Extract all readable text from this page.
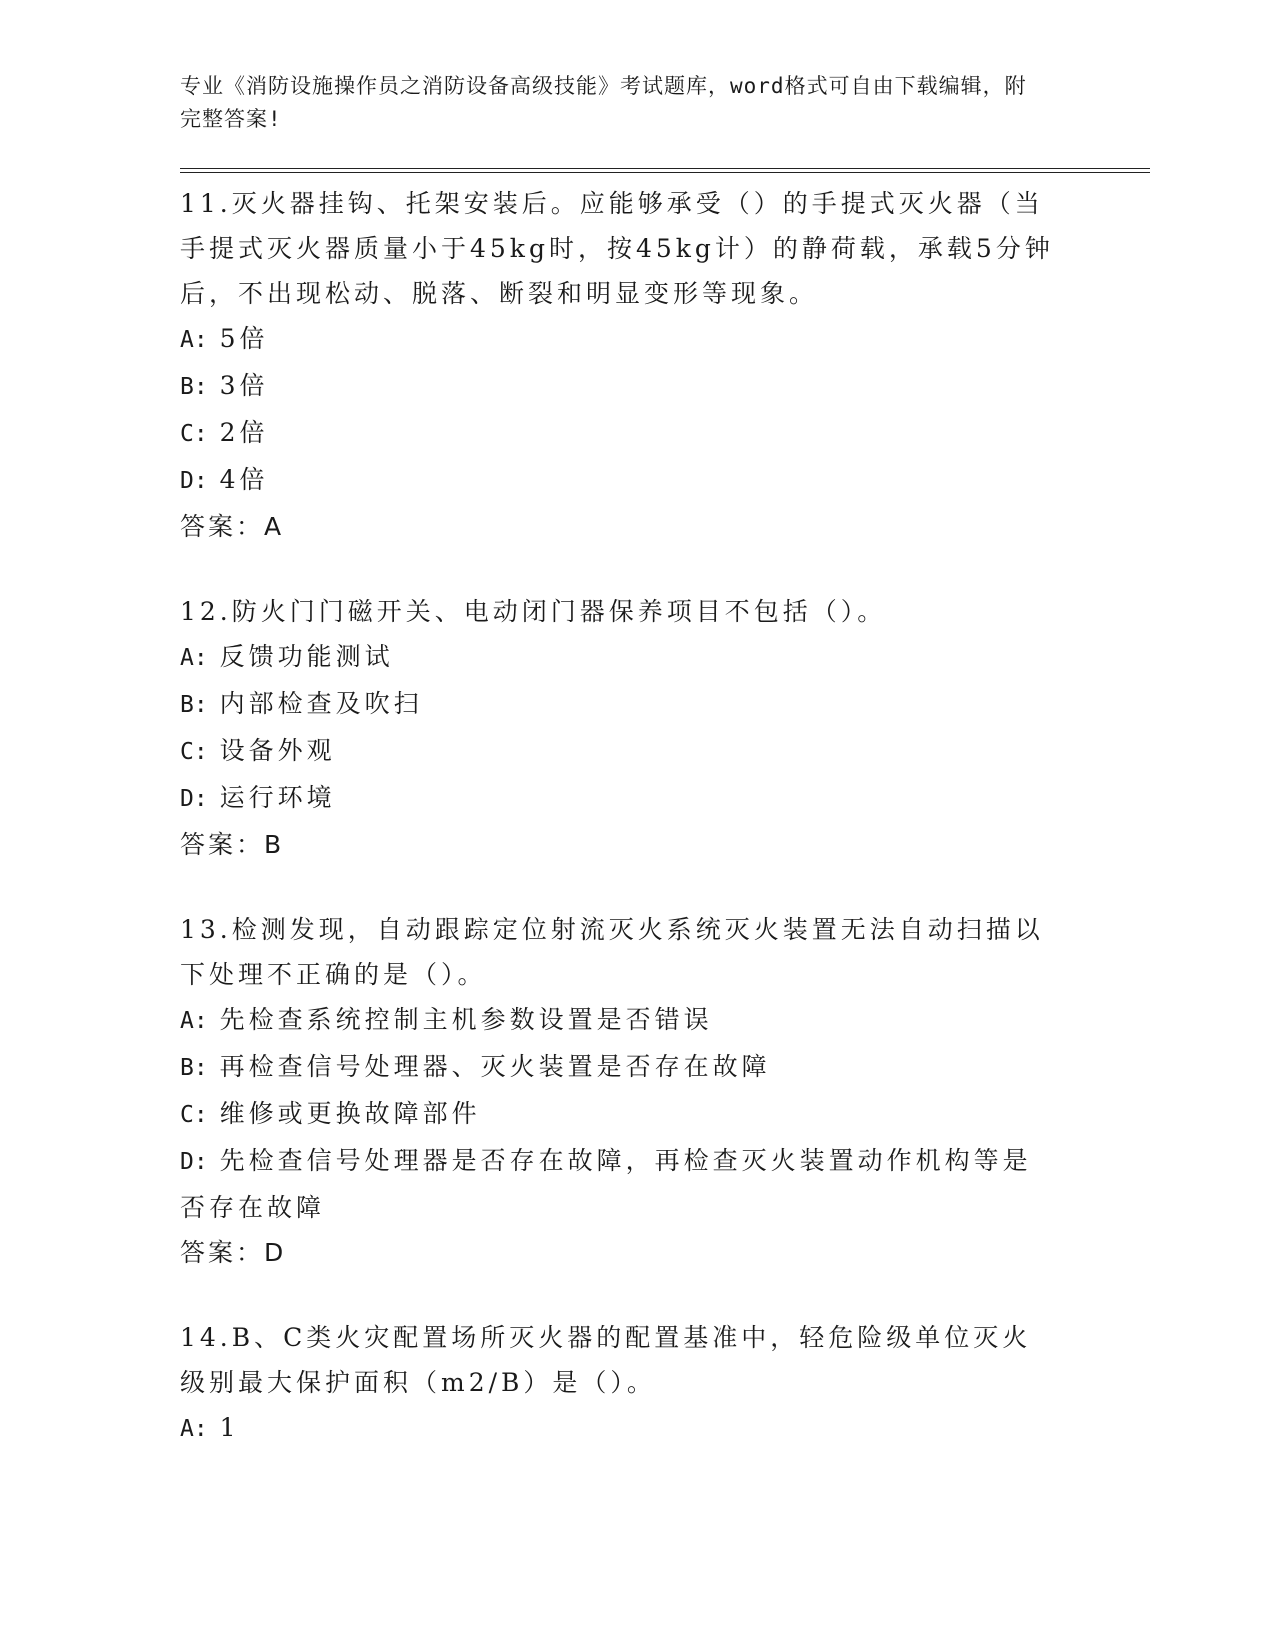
专业《消防设施操作员之消防设备高级技能》考试题库，word格式可自由下载编辑，附完整答案!

11.灭火器挂钩、托架安装后。应能够承受（）的手提式灭火器（当手提式灭火器质量小于45kg时，按45kg计）的静荷载，承载5分钟后，不出现松动、脱落、断裂和明显变形等现象。

A: 5倍

B: 3倍

C: 2倍

D: 4倍

答案：A

12.防火门门磁开关、电动闭门器保养项目不包括（）。

A: 反馈功能测试

B: 内部检查及吹扫

C: 设备外观

D: 运行环境

答案：B

13.检测发现，自动跟踪定位射流灭火系统灭火装置无法自动扫描以下处理不正确的是（）。

A: 先检查系统控制主机参数设置是否错误

B: 再检查信号处理器、灭火装置是否存在故障

C: 维修或更换故障部件

D: 先检查信号处理器是否存在故障，再检查灭火装置动作机构等是否存在故障

答案：D

14.B、C类火灾配置场所灭火器的配置基准中，轻危险级单位灭火级别最大保护面积（m2/B）是（）。

A: 1
